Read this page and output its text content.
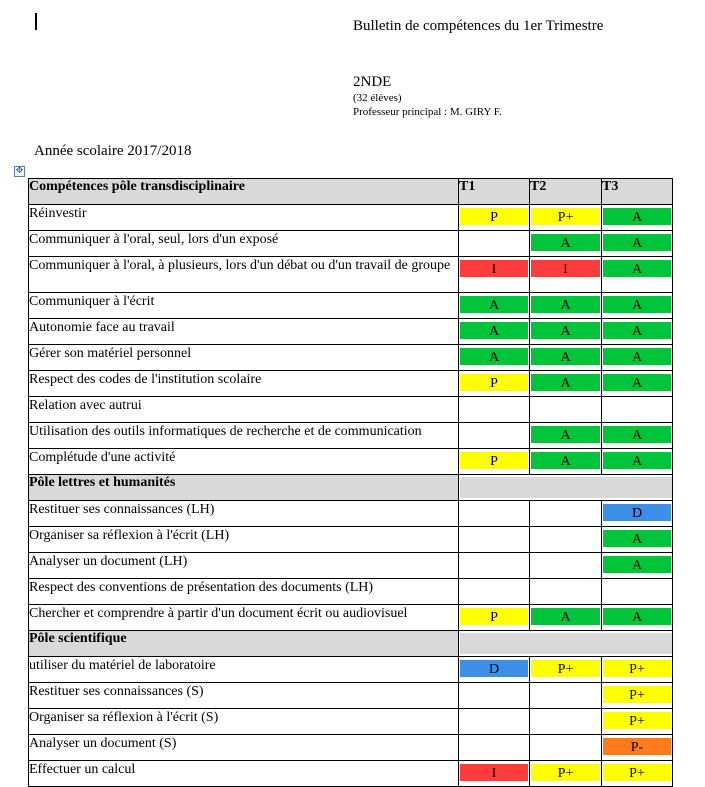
Bulletin de compétences du 1er Trimestre
2NDE
(32 élèves)
Professeur principal : M. GIRY F.
Année scolaire 2017/2018
✥
Compétences pôle transdisciplinaire	T1	T2	T3
Réinvestir	P	P+	A

Communiquer à l'oral, seul, lors d'un exposé		A	A

Communiquer à l'oral, à plusieurs, lors d'un débat ou d'un travail de groupe	I	I	A

Communiquer à l'écrit	A	A	A

Autonomie face au travail	A	A	A

Gérer son matériel personnel	A	A	A

Respect des codes de l'institution scolaire	P	A	A

Relation avec autrui			
Utilisation des outils informatiques de recherche et de communication		A	A

Complétude d'une activité	P	A	A

Pôle lettres et humanités			

Restituer ses connaissances (LH)			D

Organiser sa réflexion à l'écrit (LH)			A

Analyser un document (LH)			A

Respect des conventions de présentation des documents (LH)			
Chercher et comprendre à partir d'un document écrit ou audiovisuel	P	A	A

Pôle scientifique			

utiliser du matériel de laboratoire	D	P+	P+

Restituer ses connaissances (S)			P+

Organiser sa réflexion à l'écrit (S)			P+

Analyser un document (S)			P-

Effectuer un calcul	I	P+	P+
